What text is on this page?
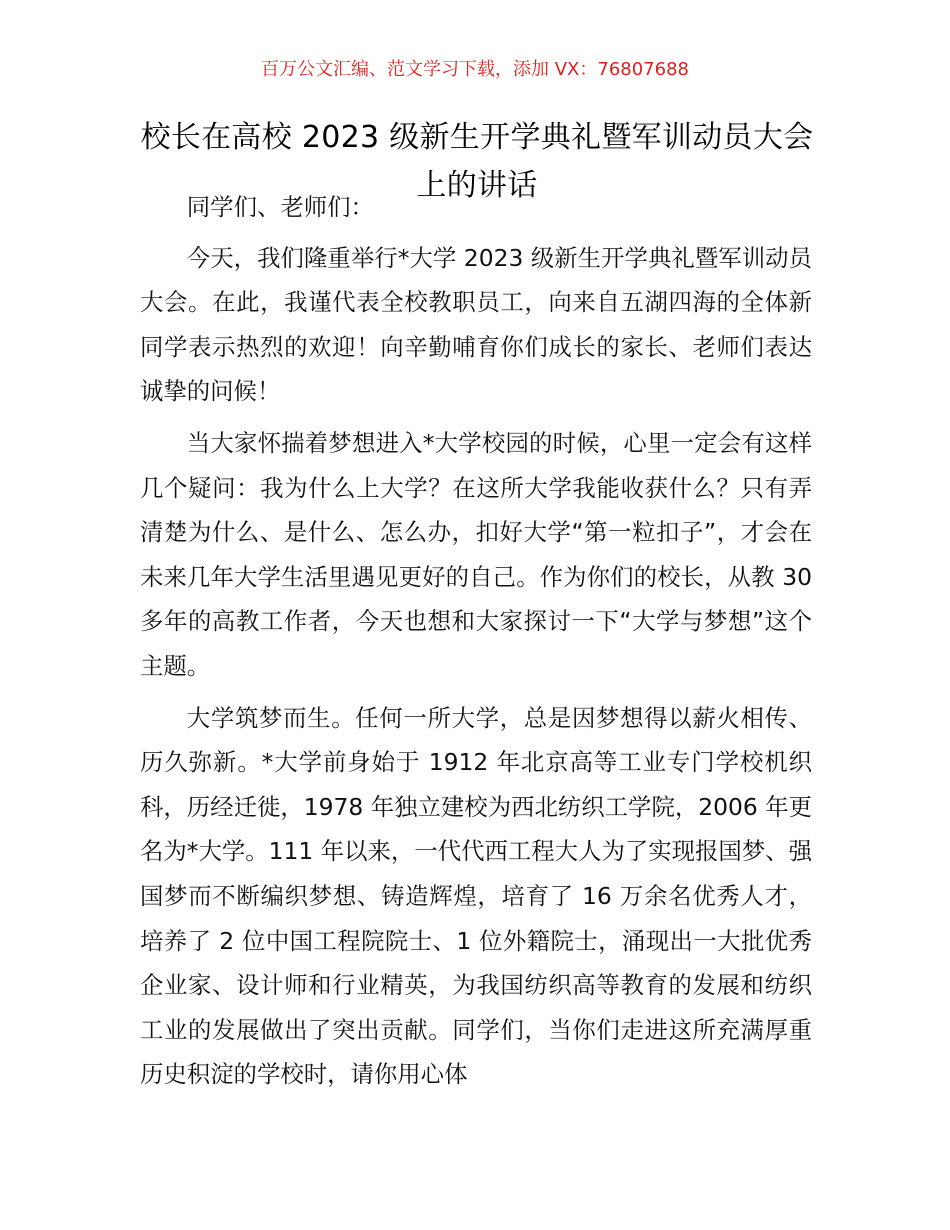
百万公文汇编、范文学习下载，添加 VX：76807688
校长在高校 2023 级新生开学典礼暨军训动员大会上的讲话

同学们、老师们：

今天，我们隆重举行*大学 2023 级新生开学典礼暨军训动员大会。在此，我谨代表全校教职员工，向来自五湖四海的全体新同学表示热烈的欢迎！向辛勤哺育你们成长的家长、老师们表达诚挚的问候！

当大家怀揣着梦想进入*大学校园的时候，心里一定会有这样几个疑问：我为什么上大学？在这所大学我能收获什么？只有弄清楚为什么、是什么、怎么办，扣好大学“第一粒扣子”，才会在未来几年大学生活里遇见更好的自己。作为你们的校长，从教 30 多年的高教工作者，今天也想和大家探讨一下“大学与梦想”这个主题。

大学筑梦而生。任何一所大学，总是因梦想得以薪火相传、历久弥新。*大学前身始于 1912 年北京高等工业专门学校机织科，历经迁徙，1978 年独立建校为西北纺织工学院，2006 年更名为*大学。111 年以来，一代代西工程大人为了实现报国梦、强国梦而不断编织梦想、铸造辉煌，培育了 16 万余名优秀人才，培养了 2 位中国工程院院士、1 位外籍院士，涌现出一大批优秀企业家、设计师和行业精英，为我国纺织高等教育的发展和纺织工业的发展做出了突出贡献。同学们，当你们走进这所充满厚重历史积淀的学校时，请你用心体
